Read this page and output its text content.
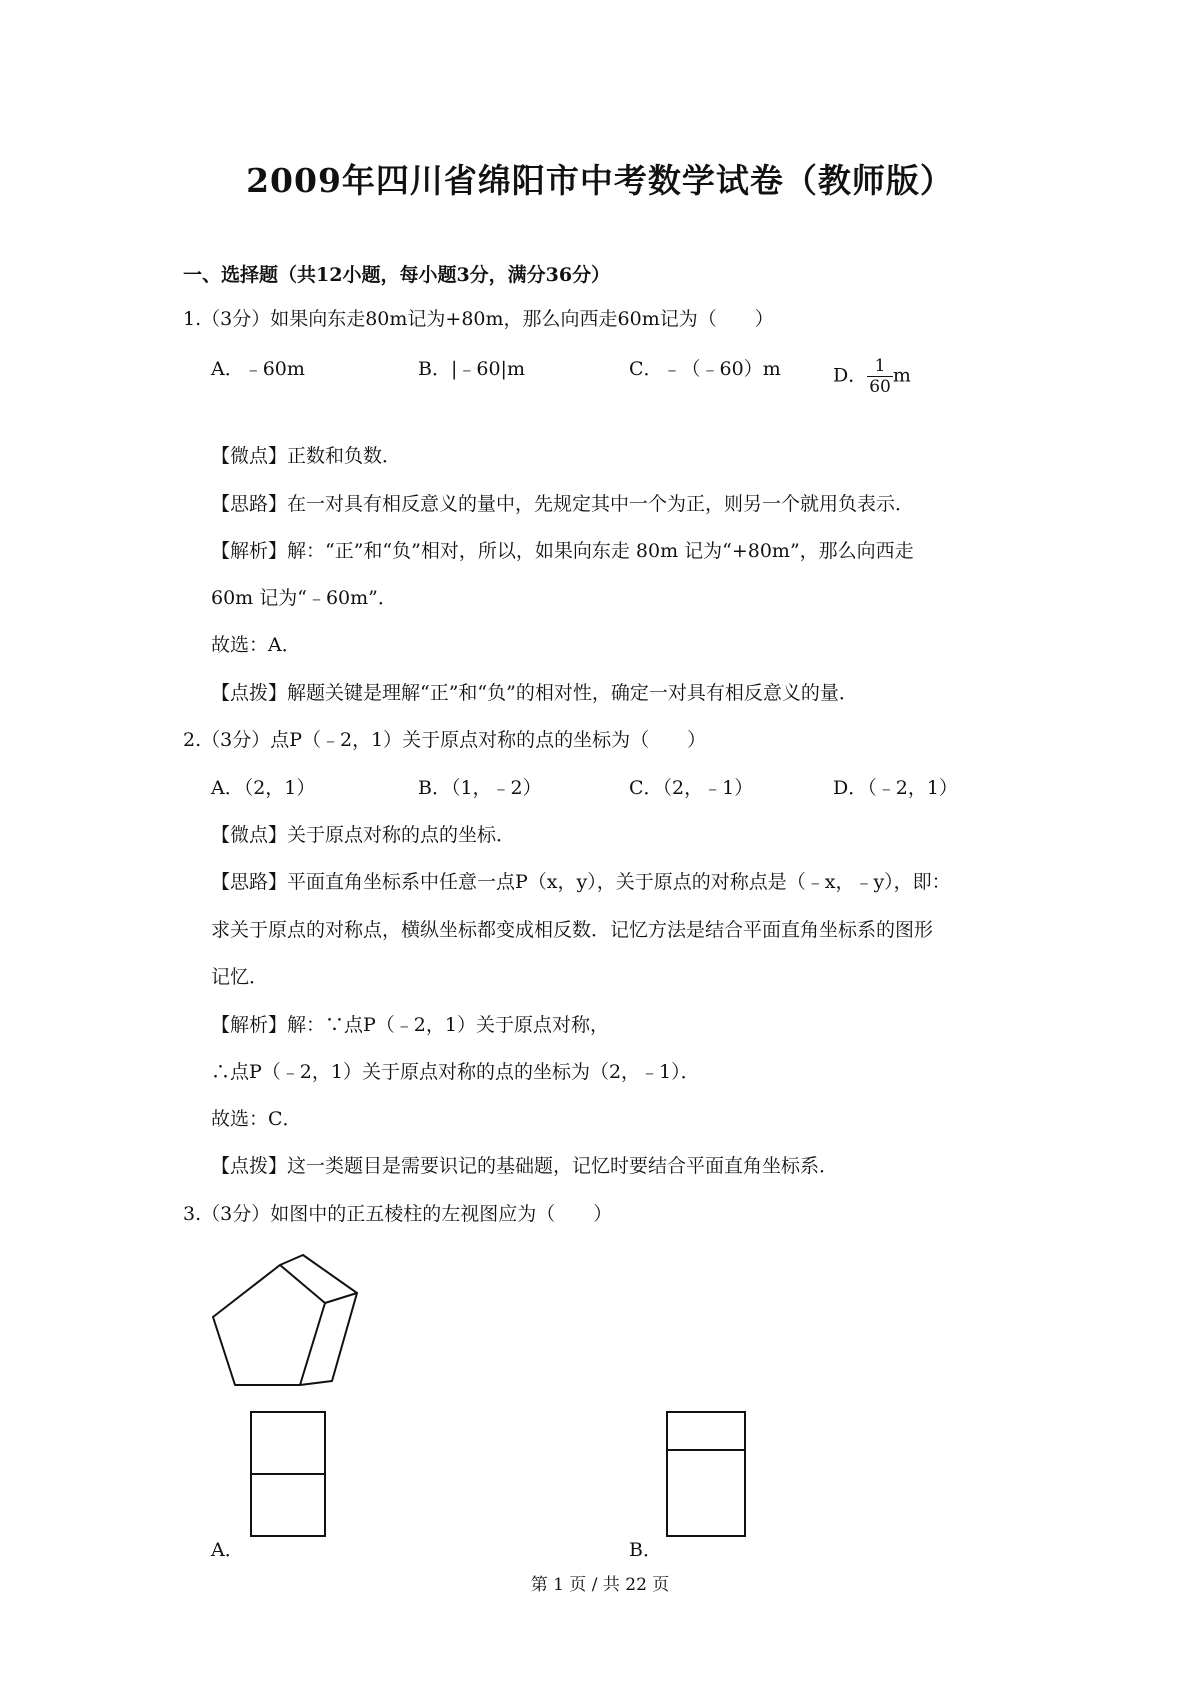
2009年四川省绵阳市中考数学试卷（教师版）
一、选择题（共12小题，每小题3分，满分36分）
1.（3分）如果向东走80m记为+80m，那么向西走60m记为（　　）
A．﹣60m	B．|﹣60|m	C．﹣（﹣60）m	D． $\frac{1}{60}$ m
【微点】正数和负数．
【思路】在一对具有相反意义的量中，先规定其中一个为正，则另一个就用负表示．
【解析】解：“正”和“负”相对，所以，如果向东走 80m 记为“+80m”，那么向西走
60m 记为“﹣60m”．
故选：A．
【点拨】解题关键是理解“正”和“负”的相对性，确定一对具有相反意义的量．
2.（3分）点P（﹣2，1）关于原点对称的点的坐标为（　　）
A．（2，1）	B．（1，﹣2）	C．（2，﹣1）	D．（﹣2，1）
【微点】关于原点对称的点的坐标．
【思路】平面直角坐标系中任意一点P（x，y），关于原点的对称点是（﹣x，﹣y），即：
求关于原点的对称点，横纵坐标都变成相反数．记忆方法是结合平面直角坐标系的图形
记忆．
【解析】解：∵点P（﹣2，1）关于原点对称，
∴点P（﹣2，1）关于原点对称的点的坐标为（2，﹣1）．
故选：C．
【点拨】这一类题目是需要识记的基础题，记忆时要结合平面直角坐标系．
3.（3分）如图中的正五棱柱的左视图应为（　　）
A．	B．
第 1 页 / 共 22 页
